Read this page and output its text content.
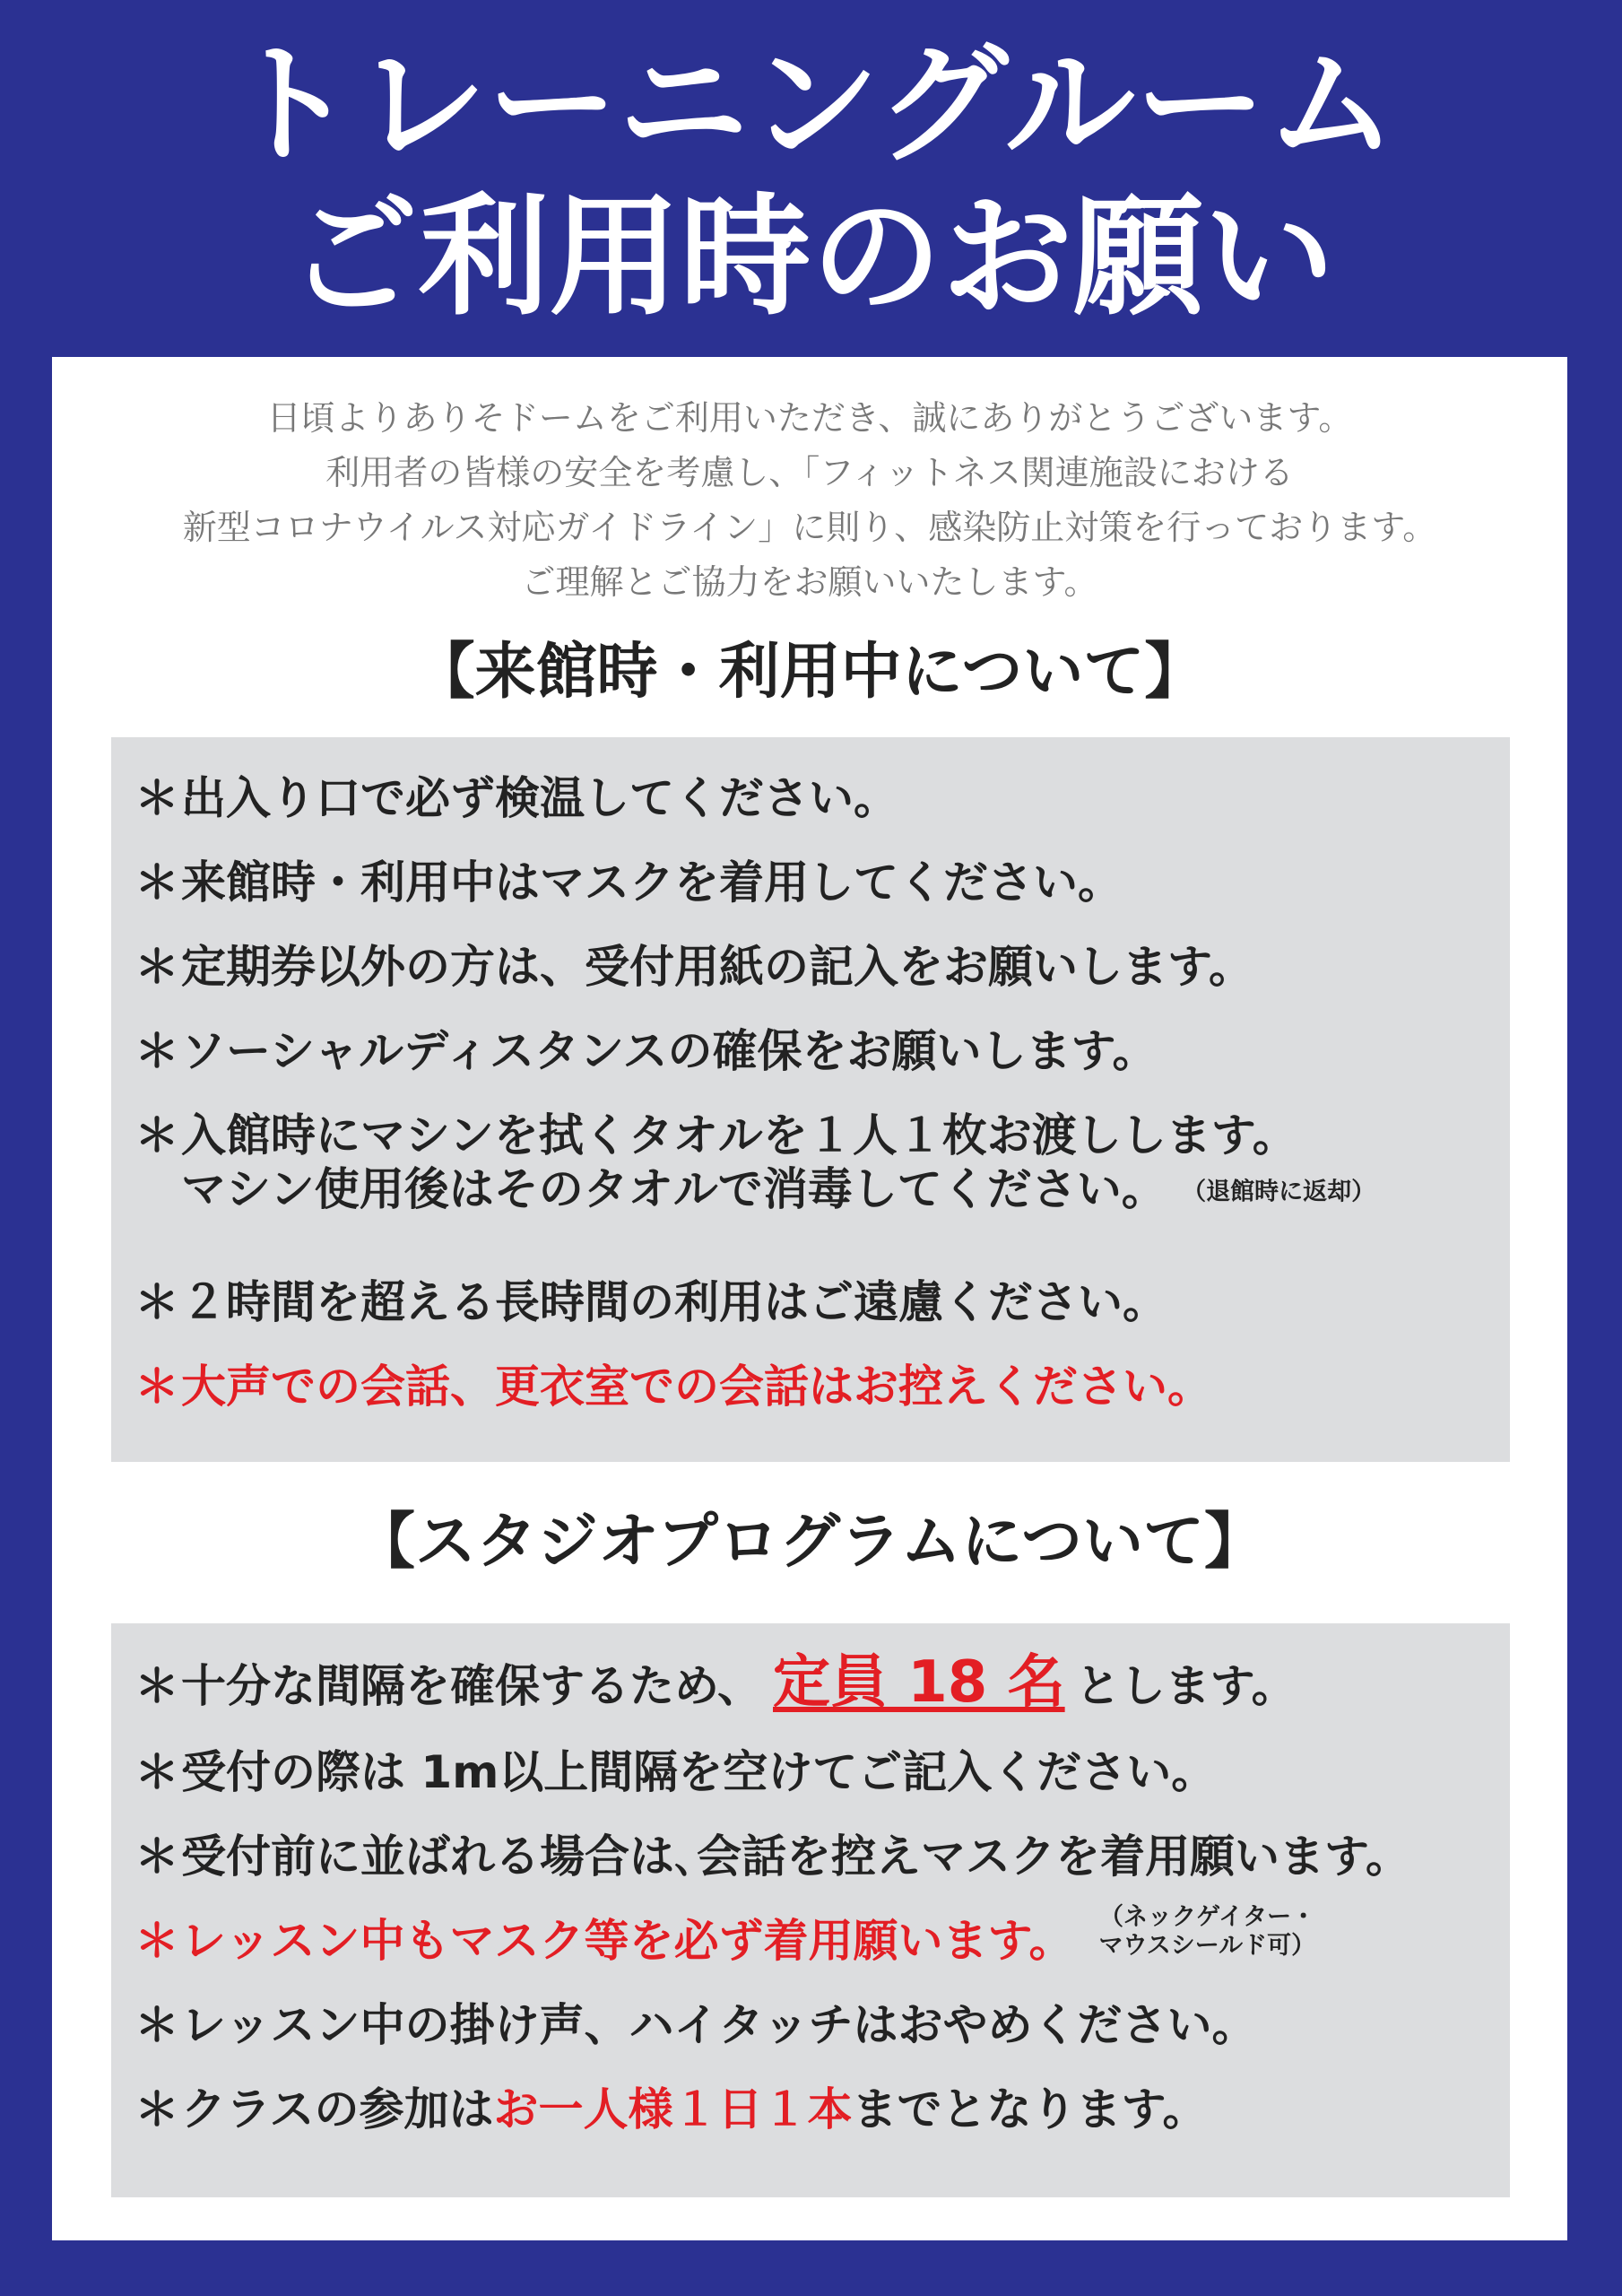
トレーニングルーム
ご利用時のお願い
日頃よりありそドームをご利用いただき、誠にありがとうございます。
利用者の皆様の安全を考慮し、「フィットネス関連施設における
新型コロナウイルス対応ガイドライン」に則り、感染防止対策を行っております。
ご理解とご協力をお願いいたします。
【来館時・利用中について】
＊出入り口で必ず検温してください。
＊来館時・利用中はマスクを着用してください。
＊定期券以外の方は、受付用紙の記入をお願いします。
＊ソーシャルディスタンスの確保をお願いします。
＊入館時にマシンを拭くタオルを１人１枚お渡しします。
マシン使用後はそのタオルで消毒してください。 （退館時に返却）
＊２時間を超える長時間の利用はご遠慮ください。
＊大声での会話、更衣室での会話はお控えください。
【スタジオプログラムについて】
＊十分な間隔を確保するため、 定員 18 名 とします。
＊受付の際は 1m以上間隔を空けてご記入ください。
＊受付前に並ばれる場合は､会話を控えマスクを着用願います。
＊レッスン中もマスク等を必ず着用願います。 （ネックゲイター・
マウスシールド可）
＊レッスン中の掛け声、ハイタッチはおやめください。
＊クラスの参加はお一人様１日１本までとなります。
